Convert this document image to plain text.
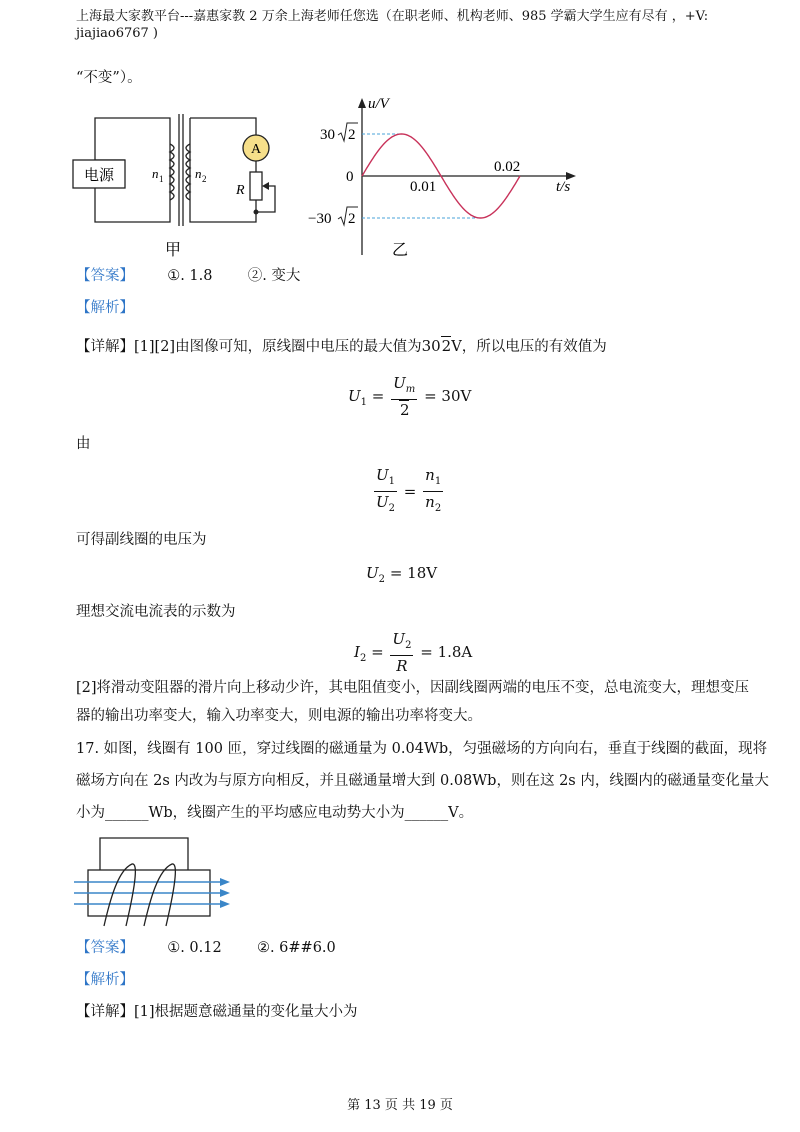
上海最大家教平台---嘉惠家教 2 万余上海老师任您选（在职老师、机构老师、985 学霸大学生应有尽有 ，+V:
jiajiao6767 )
“不变”）。
电源
A
R
n 1 n 2
甲
u/V
t/s
30 2
−30 2
0
0.01
0.02
乙
【答案】 ①. 1.8 ②. 变大
【解析】
【详解】[1][2]由图像可知，原线圈中电压的最大值为302V，所以电压的有效值为
$U_1 = \frac{U_m}{2} = 30V$
由
$\frac{U_1}{U_2} = \frac{n_1}{n_2}$
可得副线圈的电压为
$U_2 = 18V$
理想交流电流表的示数为
$I_2 = \frac{U_2}{R} = 1.8A$
[2]将滑动变阻器的滑片向上移动少许，其电阻值变小，因副线圈两端的电压不变，总电流变大，理想变压
器的输出功率变大，输入功率变大，则电源的输出功率将变大。
17. 如图，线圈有 100 匝，穿过线圈的磁通量为 0.04Wb，匀强磁场的方向向右，垂直于线圈的截面，现将
磁场方向在 2s 内改为与原方向相反，并且磁通量增大到 0.08Wb，则在这 2s 内，线圈内的磁通量变化量大
小为______Wb，线圈产生的平均感应电动势大小为______V。
【答案】 ①. 0.12 ②. 6##6.0
【解析】
【详解】[1]根据题意磁通量的变化量大小为
第 13 页 共 19 页
